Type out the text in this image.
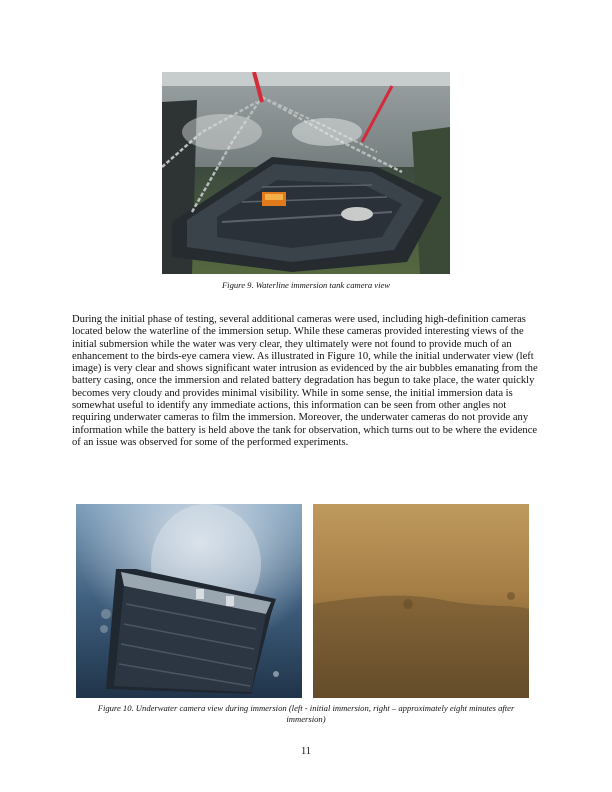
Figure 9. Waterline immersion tank camera view

During the initial phase of testing, several additional cameras were used, including high-definition cameras located below the waterline of the immersion setup. While these cameras provided interesting views of the initial submersion while the water was very clear, they ultimately were not found to provide much of an enhancement to the birds-eye camera view. As illustrated in Figure 10, while the initial underwater view (left image) is very clear and shows significant water intrusion as evidenced by the air bubbles emanating from the battery casing, once the immersion and related battery degradation has begun to take place, the water quickly becomes very cloudy and provides minimal visibility. While in some sense, the initial immersion data is somewhat useful to identify any immediate actions, this information can be seen from other angles not requiring underwater cameras to film the immersion. Moreover, the underwater cameras do not provide any information while the battery is held above the tank for observation, which turns out to be where the evidence of an issue was observed for some of the performed experiments.

Figure 10. Underwater camera view during immersion (left - initial immersion, right – approximately eight minutes after immersion)
11
